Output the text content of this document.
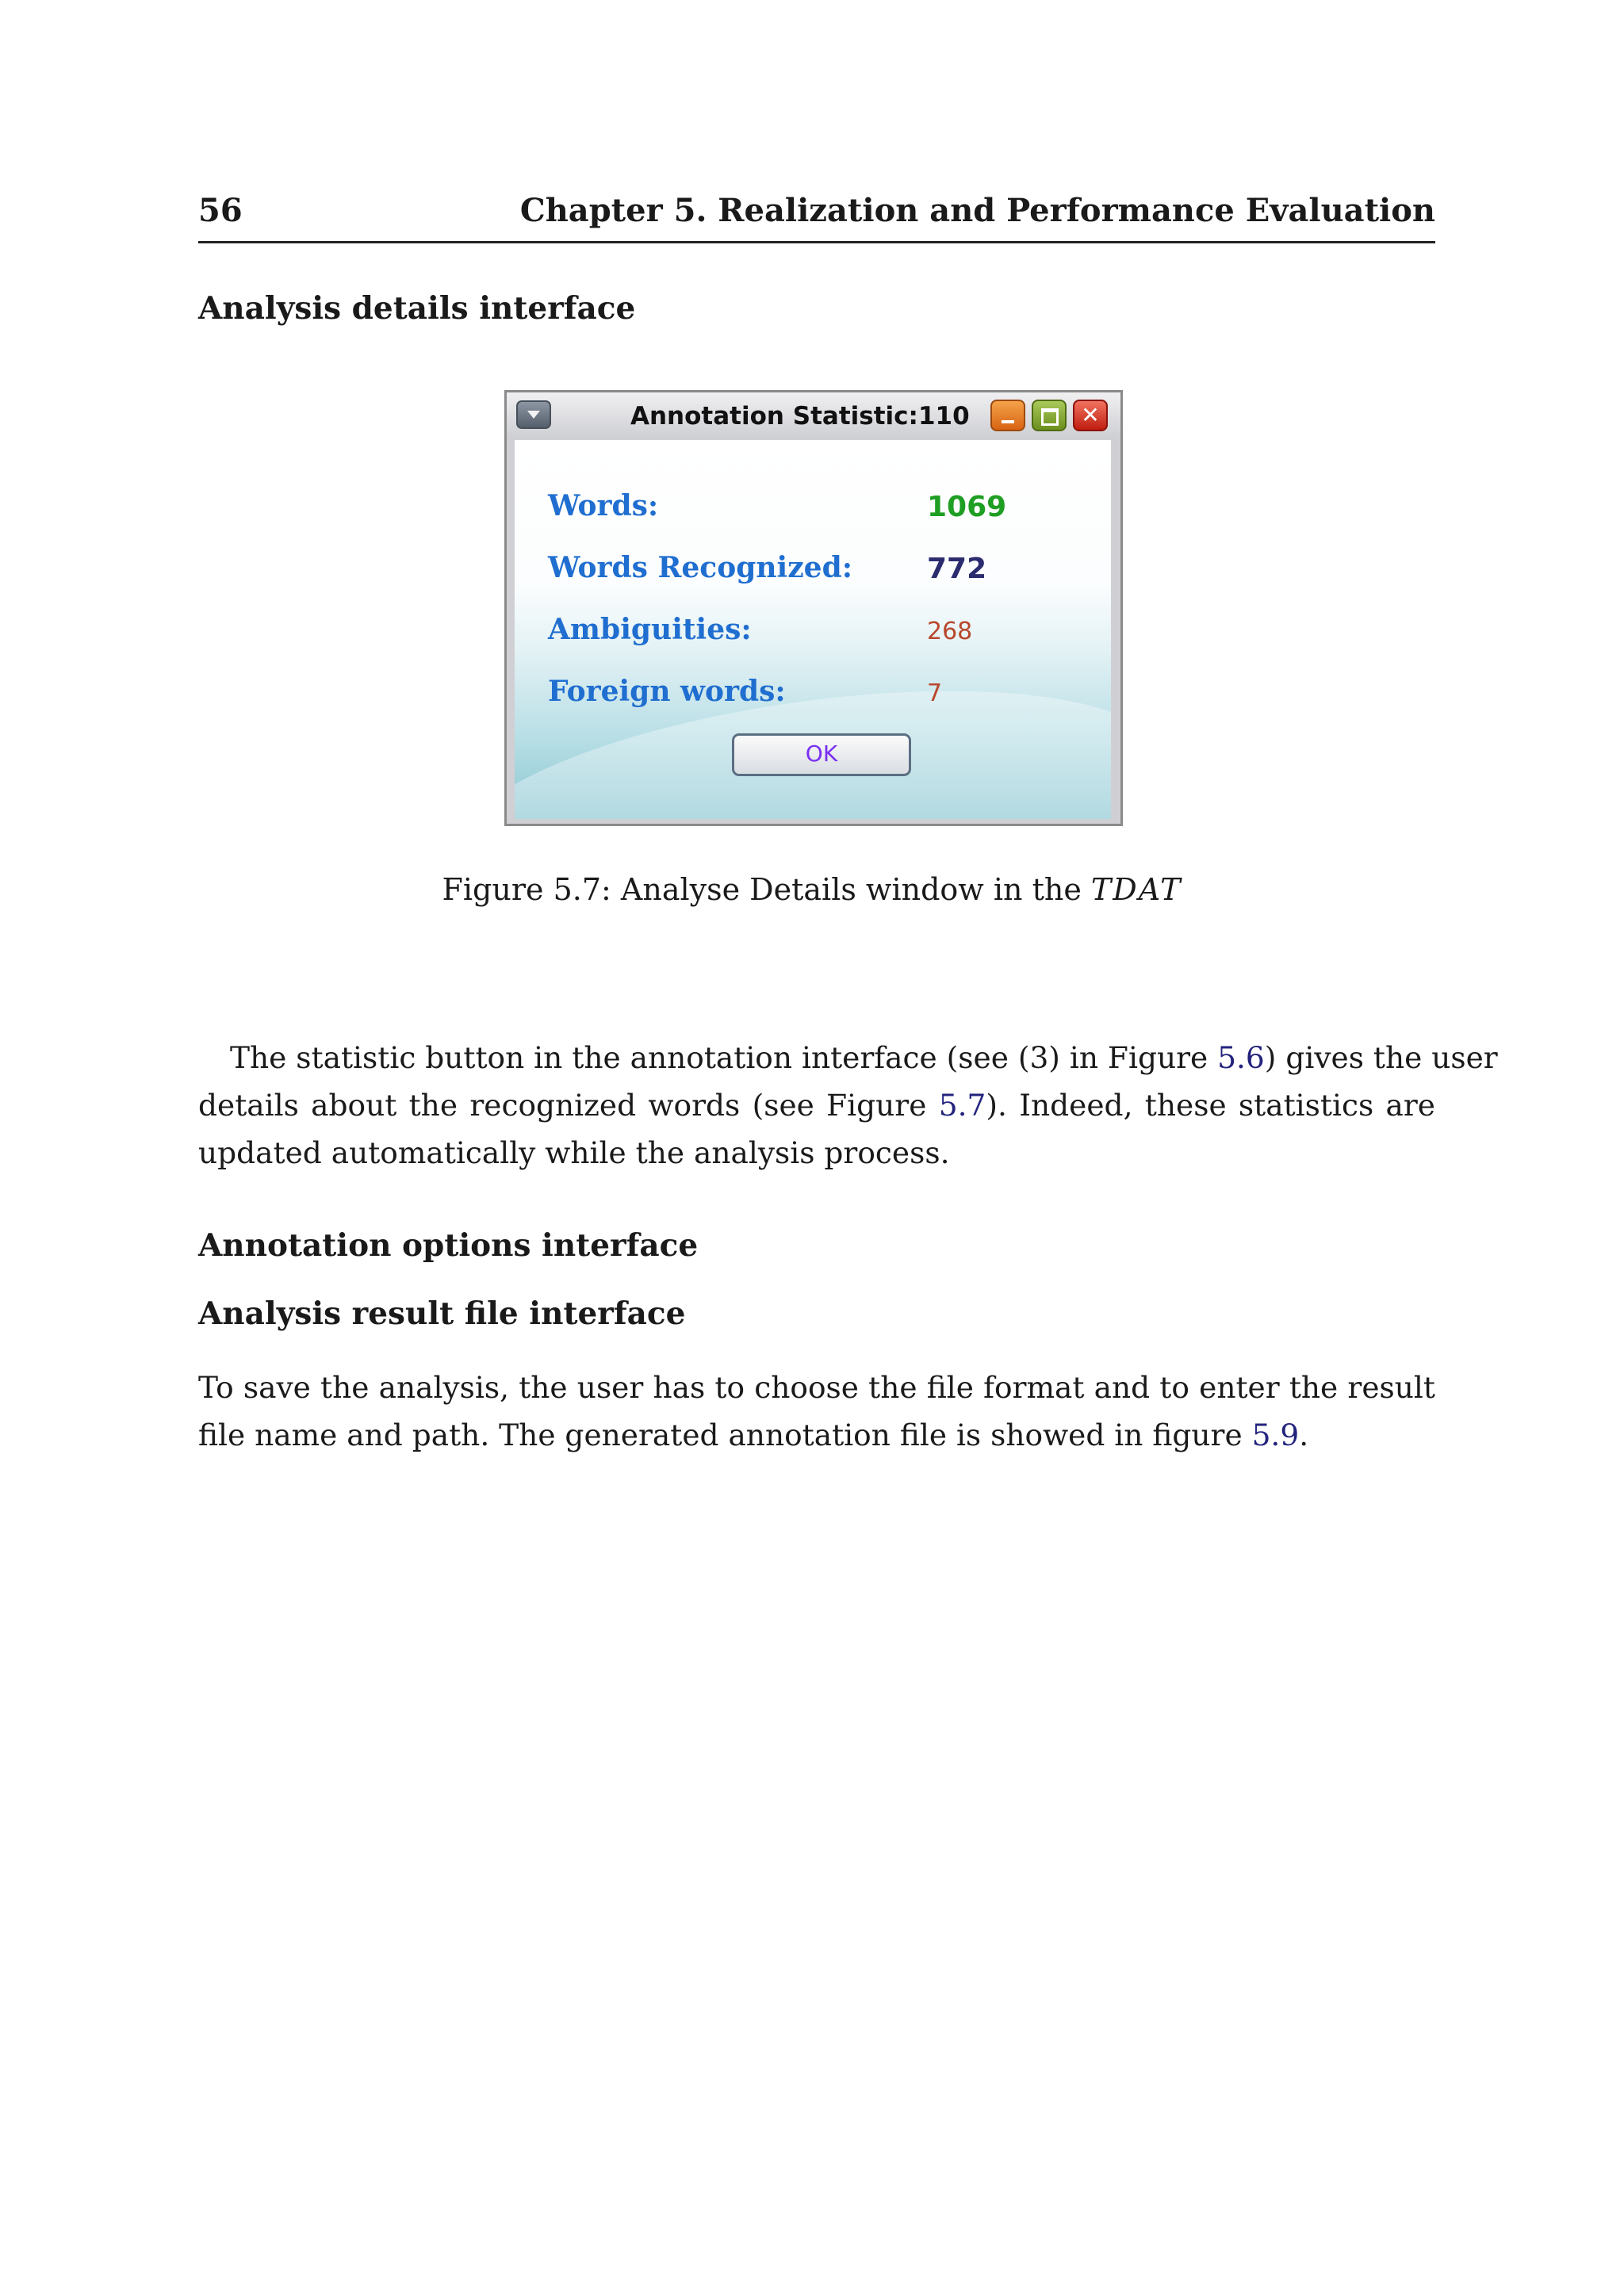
56	Chapter 5. Realization and Performance Evaluation
Analysis details interface
Annotation Statistic:110	✕
Words:	1069
Words Recognized:	772
Ambiguities:	268
Foreign words:	7
OK
Figure 5.7: Analyse Details window in the TDAT
The statistic button in the annotation interface (see (3) in Figure 5.6) gives the user
details about the recognized words (see Figure 5.7). Indeed, these statistics are updated automatically while the analysis process.
Annotation options interface
Analysis result file interface
To save the analysis, the user has to choose the file format and to enter the result file name and path. The generated annotation file is showed in figure 5.9.
